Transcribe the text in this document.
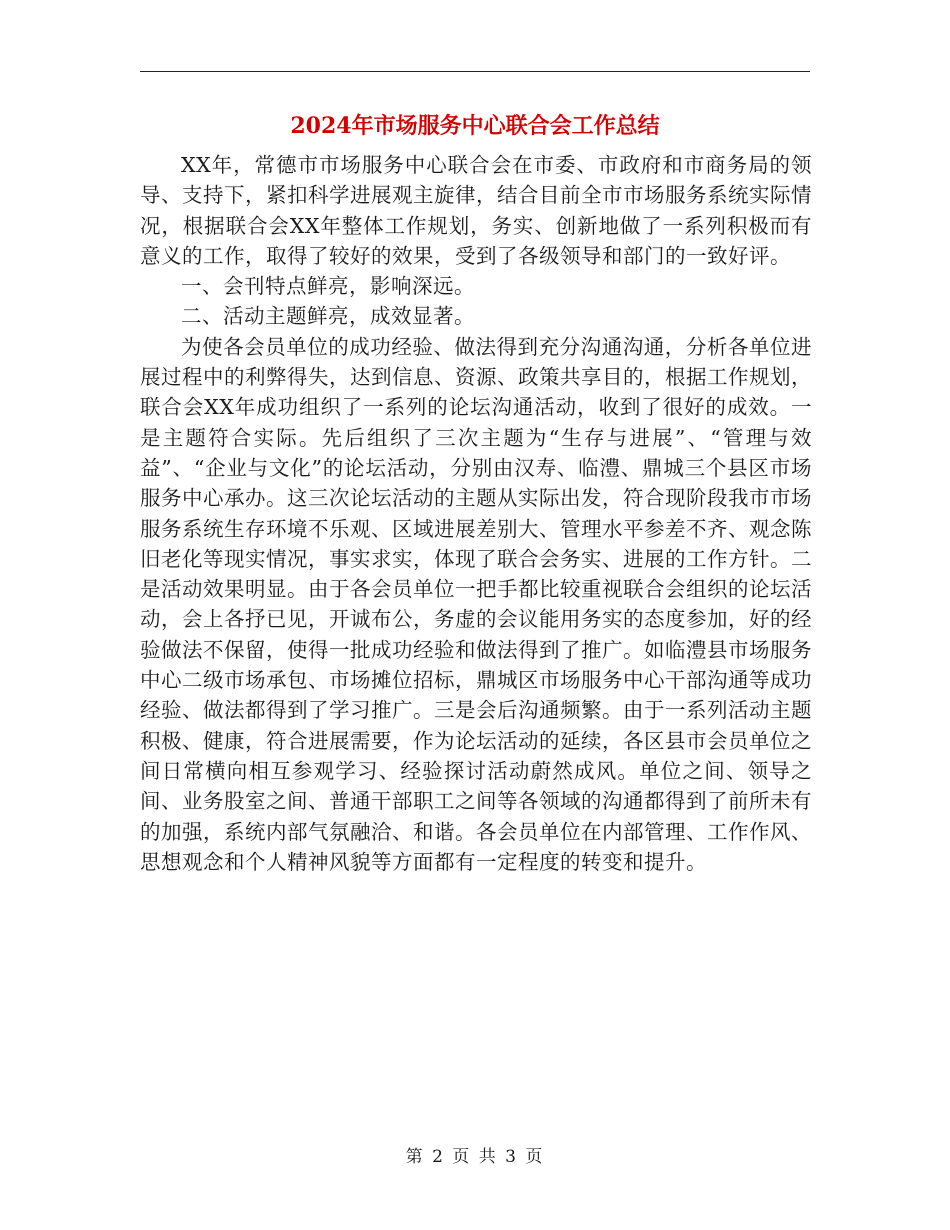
2024年市场服务中心联合会工作总结

XX年，常德市市场服务中心联合会在市委、市政府和市商务局的领导、支持下，紧扣科学进展观主旋律，结合目前全市市场服务系统实际情况，根据联合会XX年整体工作规划，务实、创新地做了一系列积极而有意义的工作，取得了较好的效果，受到了各级领导和部门的一致好评。

一、会刊特点鲜亮，影响深远。

二、活动主题鲜亮，成效显著。

为使各会员单位的成功经验、做法得到充分沟通沟通，分析各单位进展过程中的利弊得失，达到信息、资源、政策共享目的，根据工作规划，联合会XX年成功组织了一系列的论坛沟通活动，收到了很好的成效。一是主题符合实际。先后组织了三次主题为“生存与进展”、“管理与效益”、“企业与文化”的论坛活动，分别由汉寿、临澧、鼎城三个县区市场服务中心承办。这三次论坛活动的主题从实际出发，符合现阶段我市市场服务系统生存环境不乐观、区域进展差别大、管理水平参差不齐、观念陈旧老化等现实情况，事实求实，体现了联合会务实、进展的工作方针。二是活动效果明显。由于各会员单位一把手都比较重视联合会组织的论坛活动，会上各抒已见，开诚布公，务虚的会议能用务实的态度参加，好的经验做法不保留，使得一批成功经验和做法得到了推广。如临澧县市场服务中心二级市场承包、市场摊位招标，鼎城区市场服务中心干部沟通等成功经验、做法都得到了学习推广。三是会后沟通频繁。由于一系列活动主题积极、健康，符合进展需要，作为论坛活动的延续，各区县市会员单位之间日常横向相互参观学习、经验探讨活动蔚然成风。单位之间、领导之间、业务股室之间、普通干部职工之间等各领域的沟通都得到了前所未有的加强，系统内部气氛融洽、和谐。各会员单位在内部管理、工作作风、思想观念和个人精神风貌等方面都有一定程度的转变和提升。

第 2 页 共 3 页
